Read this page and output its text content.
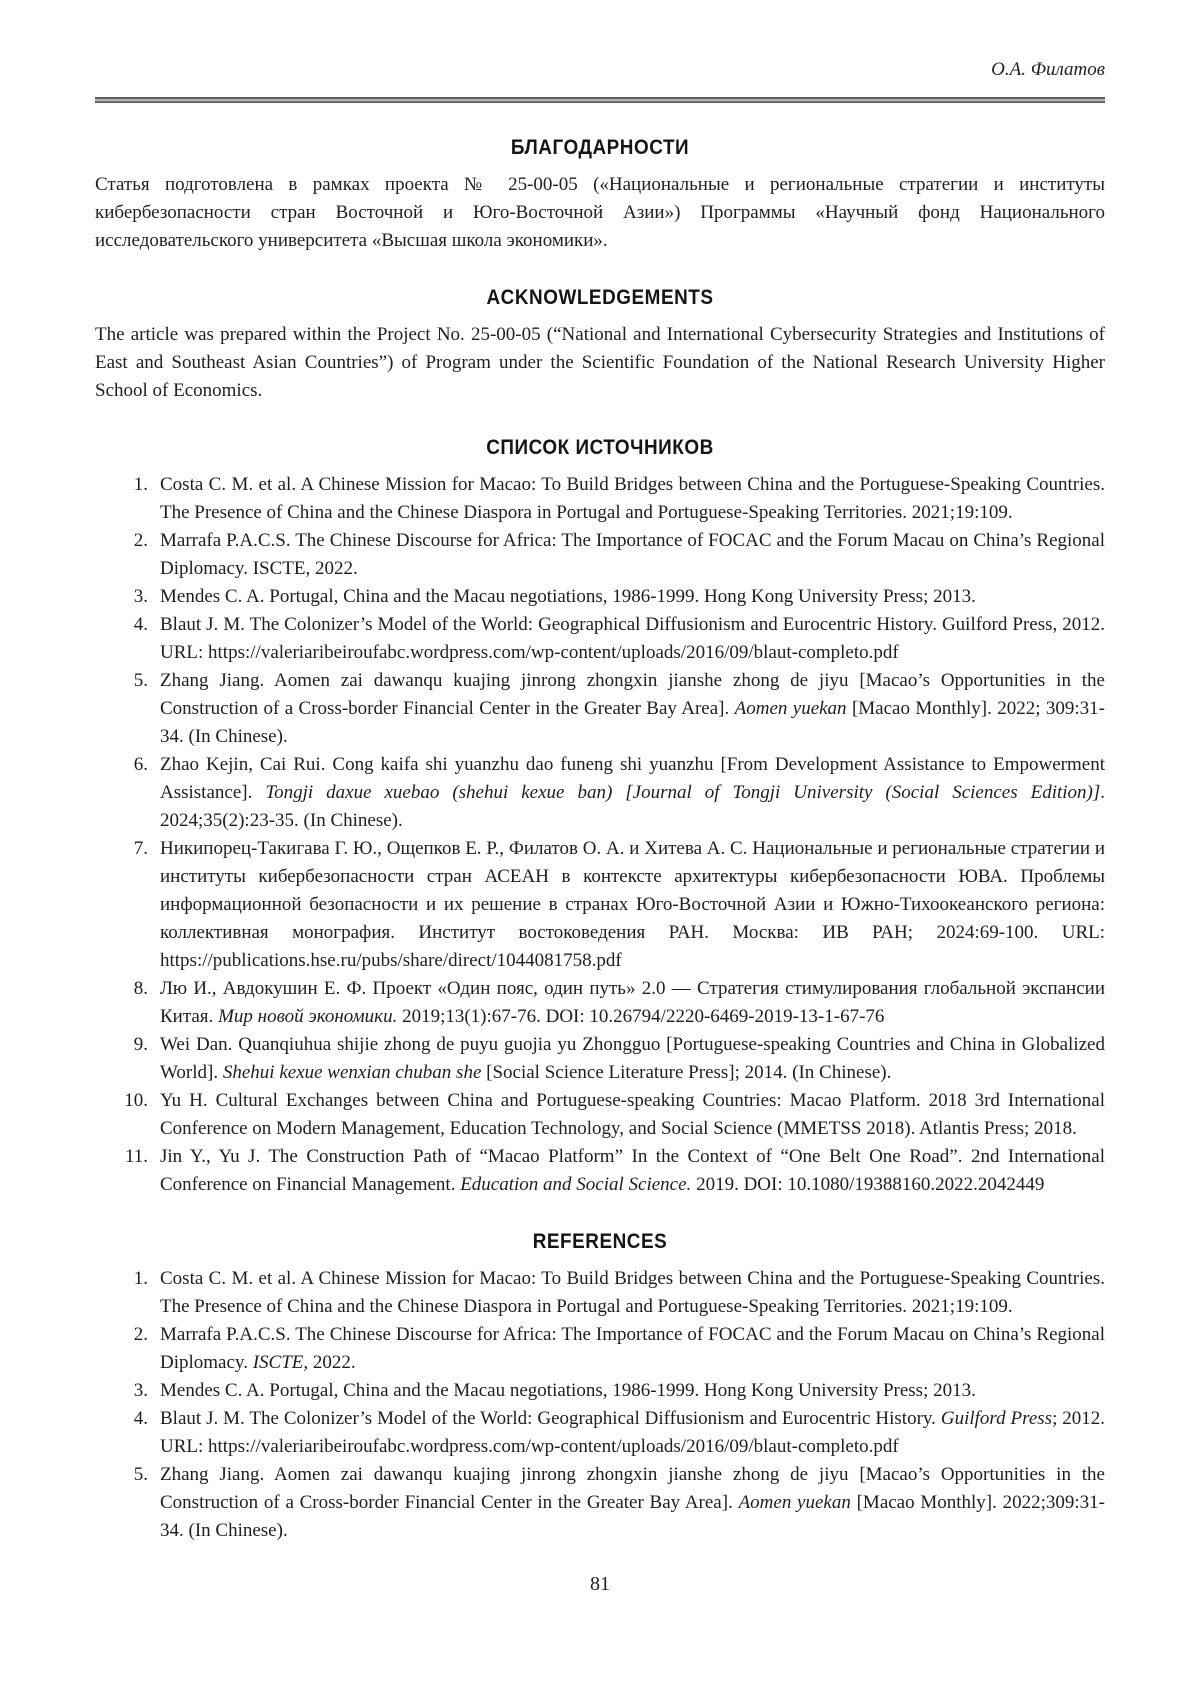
О.А. Филатов
БЛАГОДАРНОСТИ

Статья подготовлена в рамках проекта № 25-00-05 («Национальные и региональные стратегии и институты кибербезопасности стран Восточной и Юго-Восточной Азии») Программы «Научный фонд Национального исследовательского университета «Высшая школа экономики».

ACKNOWLEDGEMENTS

The article was prepared within the Project No. 25-00-05 (“National and International Cybersecurity Strategies and Institutions of East and Southeast Asian Countries”) of Program under the Scientific Foundation of the National Research University Higher School of Economics.

СПИСОК ИСТОЧНИКОВ
1. Costa C. M. et al. A Chinese Mission for Macao: To Build Bridges between China and the Portuguese-Speaking Countries. The Presence of China and the Chinese Diaspora in Portugal and Portuguese-Speaking Territories. 2021;19:109.
2. Marrafa P.A.C.S. The Chinese Discourse for Africa: The Importance of FOCAC and the Forum Macau on China’s Regional Diplomacy. ISCTE, 2022.
3. Mendes C. A. Portugal, China and the Macau negotiations, 1986-1999. Hong Kong University Press; 2013.
4. Blaut J. M. The Colonizer’s Model of the World: Geographical Diffusionism and Eurocentric History. Guilford Press, 2012. URL: https://valeriaribeiroufabc.wordpress.com/wp-content/uploads/2016/09/blaut-completo.pdf
5. Zhang Jiang. Aomen zai dawanqu kuajing jinrong zhongxin jianshe zhong de jiyu [Macao’s Opportunities in the Construction of a Cross-border Financial Center in the Greater Bay Area]. Aomen yuekan [Macao Monthly]. 2022; 309:31-34. (In Chinese).
6. Zhao Kejin, Cai Rui. Cong kaifa shi yuanzhu dao funeng shi yuanzhu [From Development Assistance to Empowerment Assistance]. Tongji daxue xuebao (shehui kexue ban) [Journal of Tongji University (Social Sciences Edition)]. 2024;35(2):23-35. (In Chinese).
7. Никипорец-Такигава Г. Ю., Ощепков Е. Р., Филатов О. А. и Хитева А. С. Национальные и региональные стратегии и институты кибербезопасности стран АСЕАН в контексте архитектуры кибербезопасности ЮВА. Проблемы информационной безопасности и их решение в странах Юго-Восточной Азии и Южно-Тихоокеанского региона: коллективная монография. Институт востоковедения РАН. Москва: ИВ РАН; 2024:69-100. URL: https://publications.hse.ru/pubs/share/direct/1044081758.pdf
8. Лю И., Авдокушин Е. Ф. Проект «Один пояс, один путь» 2.0 — Стратегия стимулирования глобальной экспансии Китая. Мир новой экономики. 2019;13(1):67-76. DOI: 10.26794/2220-6469-2019-13-1-67-76
9. Wei Dan. Quanqiuhua shijie zhong de puyu guojia yu Zhongguo [Portuguese-speaking Countries and China in Globalized World]. Shehui kexue wenxian chuban she [Social Science Literature Press]; 2014. (In Chinese).
10. Yu H. Cultural Exchanges between China and Portuguese-speaking Countries: Macao Platform. 2018 3rd International Conference on Modern Management, Education Technology, and Social Science (MMETSS 2018). Atlantis Press; 2018.
11. Jin Y., Yu J. The Construction Path of “Macao Platform” In the Context of “One Belt One Road”. 2nd International Conference on Financial Management. Education and Social Science. 2019. DOI: 10.1080/19388160.2022.2042449
REFERENCES
1. Costa C. M. et al. A Chinese Mission for Macao: To Build Bridges between China and the Portuguese-Speaking Countries. The Presence of China and the Chinese Diaspora in Portugal and Portuguese-Speaking Territories. 2021;19:109.
2. Marrafa P.A.C.S. The Chinese Discourse for Africa: The Importance of FOCAC and the Forum Macau on China’s Regional Diplomacy. ISCTE, 2022.
3. Mendes C. A. Portugal, China and the Macau negotiations, 1986-1999. Hong Kong University Press; 2013.
4. Blaut J. M. The Colonizer’s Model of the World: Geographical Diffusionism and Eurocentric History. Guilford Press; 2012. URL: https://valeriaribeiroufabc.wordpress.com/wp-content/uploads/2016/09/blaut-completo.pdf
5. Zhang Jiang. Aomen zai dawanqu kuajing jinrong zhongxin jianshe zhong de jiyu [Macao’s Opportunities in the Construction of a Cross-border Financial Center in the Greater Bay Area]. Aomen yuekan [Macao Monthly]. 2022;309:31-34. (In Chinese).
81
